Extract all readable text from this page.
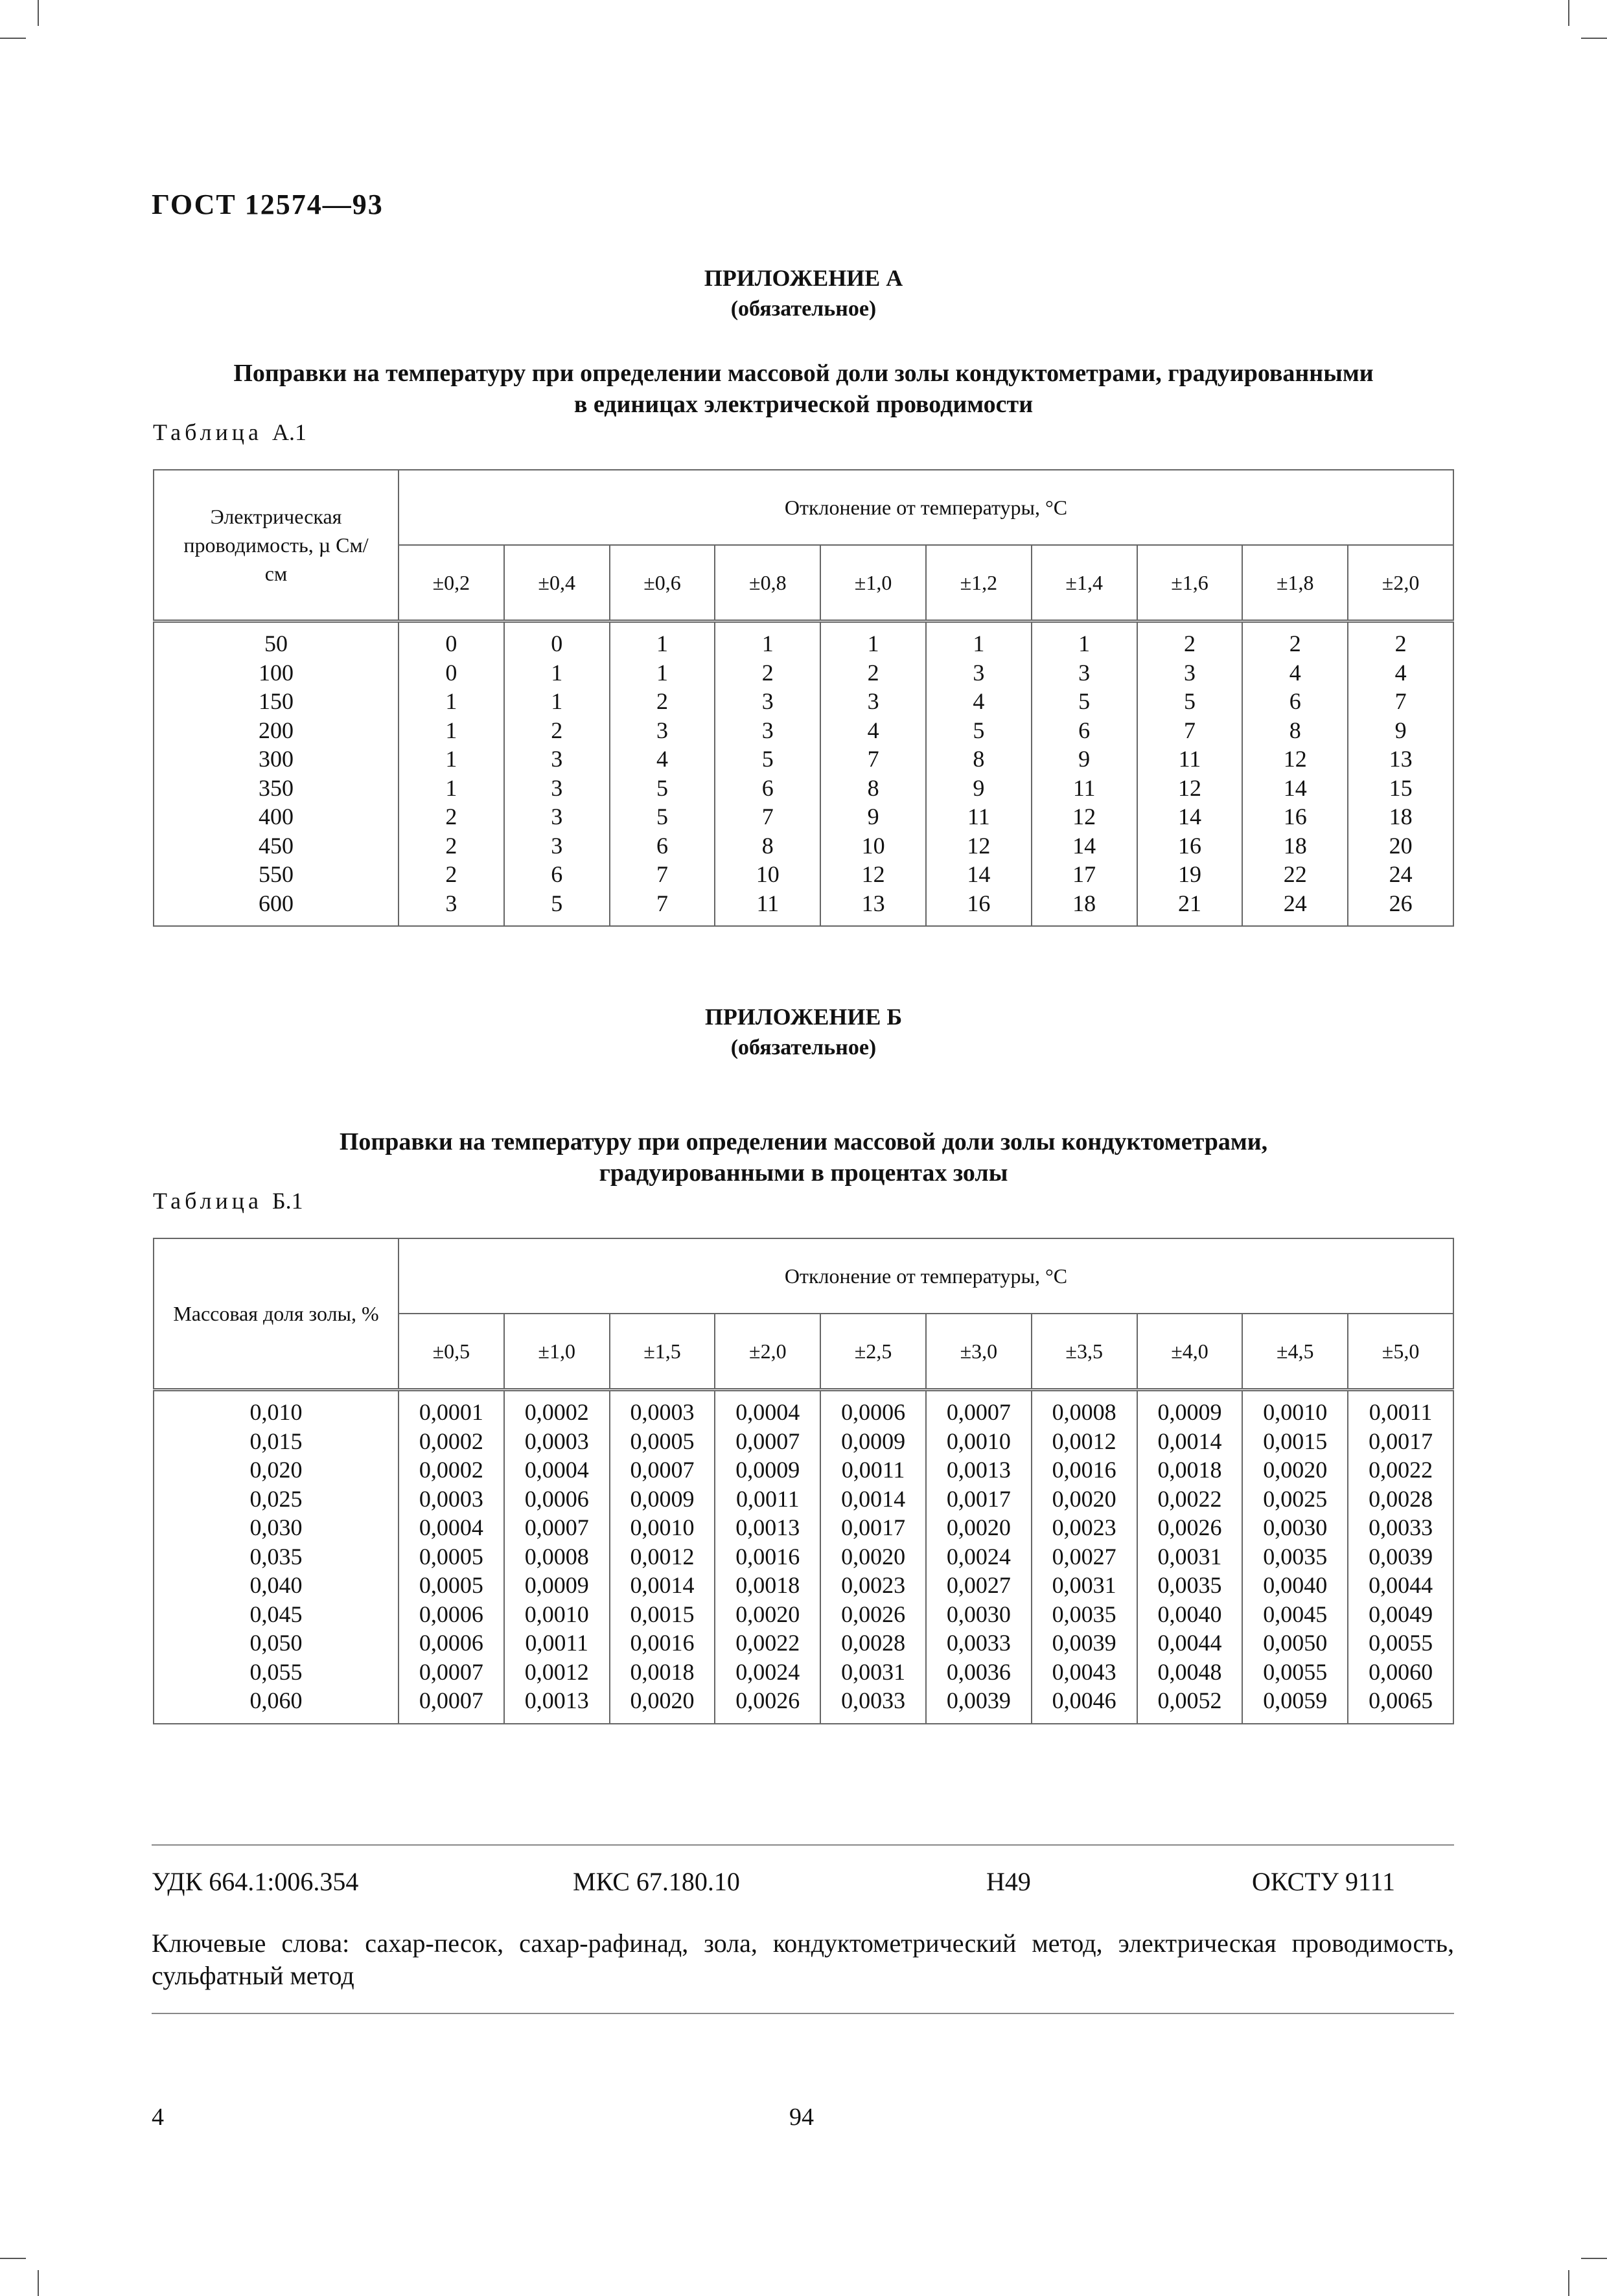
ГОСТ 12574—93
ПРИЛОЖЕНИЕ А
(обязательное)
Поправки на температуру при определении массовой доли золы кондуктометрами, градуированными
в единицах электрической проводимости
Таблица А.1
Электрическая проводимость, µ См/см	Отклонение от температуры, °С									
	±0,2	±0,4	±0,6	±0,8	±1,0	±1,2	±1,4	±1,6	±1,8	±2,0

50	0	0	1	1	1	1	1	2	2	2
100	0	1	1	2	2	3	3	3	4	4
150	1	1	2	3	3	4	5	5	6	7
200	1	2	3	3	4	5	6	7	8	9
300	1	3	4	5	7	8	9	11	12	13
350	1	3	5	6	8	9	11	12	14	15
400	2	3	5	7	9	11	12	14	16	18
450	2	3	6	8	10	12	14	16	18	20
550	2	6	7	10	12	14	17	19	22	24
600	3	5	7	11	13	16	18	21	24	26

ПРИЛОЖЕНИЕ Б
(обязательное)
Поправки на температуру при определении массовой доли золы кондуктометрами,
градуированными в процентах золы
Таблица Б.1
Массовая доля золы, %	Отклонение от температуры, °С									
	±0,5	±1,0	±1,5	±2,0	±2,5	±3,0	±3,5	±4,0	±4,5	±5,0

0,010	0,0001	0,0002	0,0003	0,0004	0,0006	0,0007	0,0008	0,0009	0,0010	0,0011
0,015	0,0002	0,0003	0,0005	0,0007	0,0009	0,0010	0,0012	0,0014	0,0015	0,0017
0,020	0,0002	0,0004	0,0007	0,0009	0,0011	0,0013	0,0016	0,0018	0,0020	0,0022
0,025	0,0003	0,0006	0,0009	0,0011	0,0014	0,0017	0,0020	0,0022	0,0025	0,0028
0,030	0,0004	0,0007	0,0010	0,0013	0,0017	0,0020	0,0023	0,0026	0,0030	0,0033
0,035	0,0005	0,0008	0,0012	0,0016	0,0020	0,0024	0,0027	0,0031	0,0035	0,0039
0,040	0,0005	0,0009	0,0014	0,0018	0,0023	0,0027	0,0031	0,0035	0,0040	0,0044
0,045	0,0006	0,0010	0,0015	0,0020	0,0026	0,0030	0,0035	0,0040	0,0045	0,0049
0,050	0,0006	0,0011	0,0016	0,0022	0,0028	0,0033	0,0039	0,0044	0,0050	0,0055
0,055	0,0007	0,0012	0,0018	0,0024	0,0031	0,0036	0,0043	0,0048	0,0055	0,0060
0,060	0,0007	0,0013	0,0020	0,0026	0,0033	0,0039	0,0046	0,0052	0,0059	0,0065

УДК 664.1:006.354	МКС 67.180.10	Н49	ОКСТУ 9111
Ключевые слова: сахар-песок, сахар-рафинад, зола, кондуктометрический метод, электрическая проводимость, сульфатный метод
4	94
